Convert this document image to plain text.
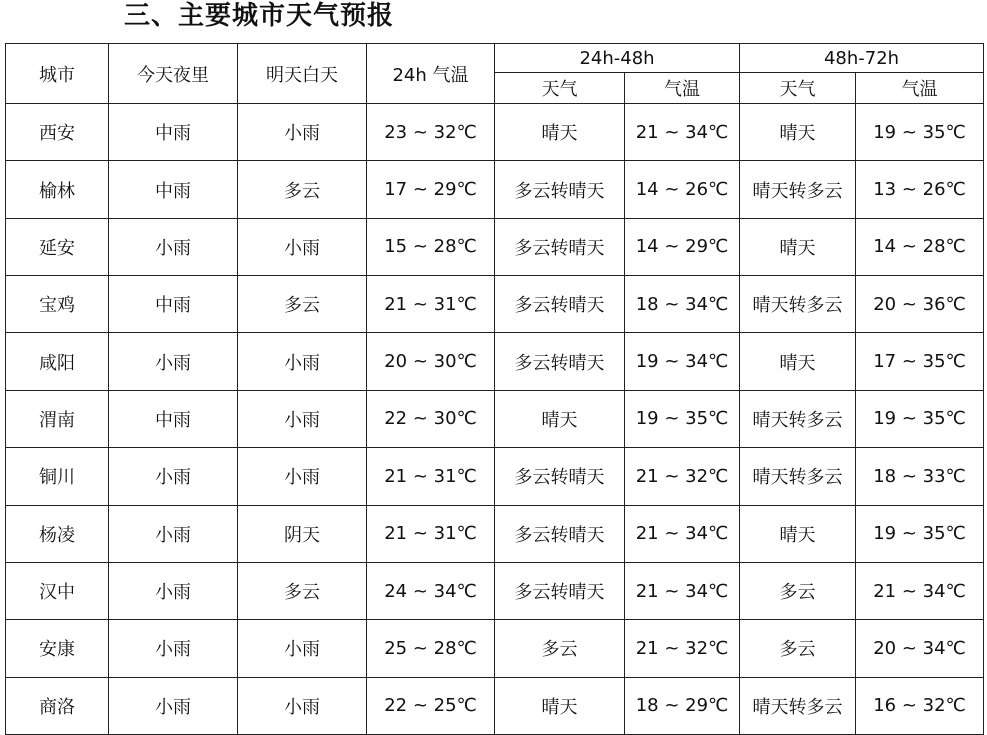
三、主要城市天气预报
城市	今天夜里	明天白天	24h 气温	24h-48h		48h-72h	
				天气	气温	天气	气温
西安	中雨	小雨	23 ~ 32℃	晴天	21 ~ 34℃	晴天	19 ~ 35℃
榆林	中雨	多云	17 ~ 29℃	多云转晴天	14 ~ 26℃	晴天转多云	13 ~ 26℃
延安	小雨	小雨	15 ~ 28℃	多云转晴天	14 ~ 29℃	晴天	14 ~ 28℃
宝鸡	中雨	多云	21 ~ 31℃	多云转晴天	18 ~ 34℃	晴天转多云	20 ~ 36℃
咸阳	小雨	小雨	20 ~ 30℃	多云转晴天	19 ~ 34℃	晴天	17 ~ 35℃
渭南	中雨	小雨	22 ~ 30℃	晴天	19 ~ 35℃	晴天转多云	19 ~ 35℃
铜川	小雨	小雨	21 ~ 31℃	多云转晴天	21 ~ 32℃	晴天转多云	18 ~ 33℃
杨凌	小雨	阴天	21 ~ 31℃	多云转晴天	21 ~ 34℃	晴天	19 ~ 35℃
汉中	小雨	多云	24 ~ 34℃	多云转晴天	21 ~ 34℃	多云	21 ~ 34℃
安康	小雨	小雨	25 ~ 28℃	多云	21 ~ 32℃	多云	20 ~ 34℃
商洛	小雨	小雨	22 ~ 25℃	晴天	18 ~ 29℃	晴天转多云	16 ~ 32℃
